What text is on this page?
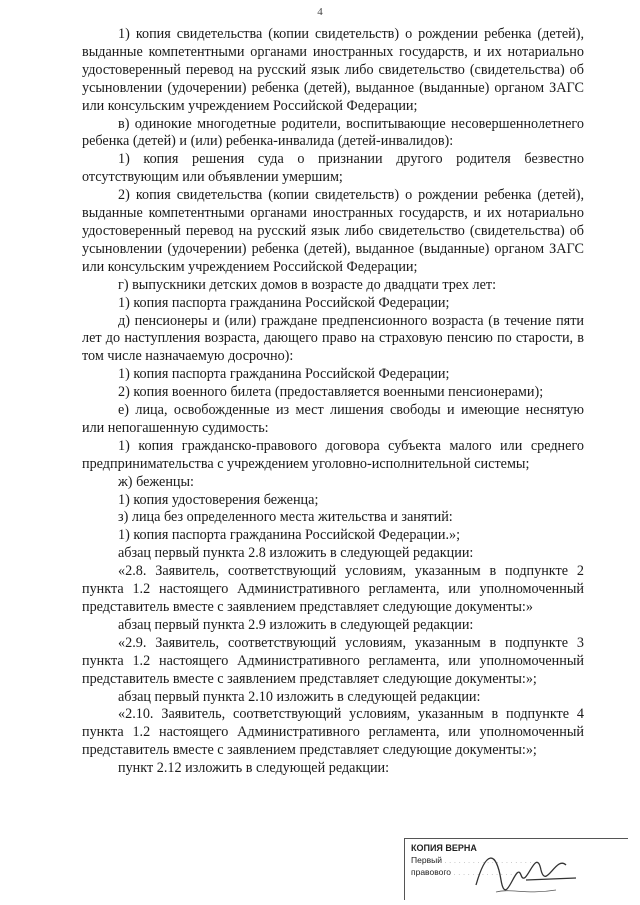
4

1) копия свидетельства (копии свидетельств) о рождении ребенка (детей), выданные компетентными органами иностранных государств, и их нотариально удостоверенный перевод на русский язык либо свидетельство (свидетельства) об усыновлении (удочерении) ребенка (детей), выданное (выданные) органом ЗАГС или консульским учреждением Российской Федерации;

в) одинокие многодетные родители, воспитывающие несовершеннолетнего ребенка (детей) и (или) ребенка-инвалида (детей-инвалидов):

1) копия решения суда о признании другого родителя безвестно отсутствующим или объявлении умершим;

2) копия свидетельства (копии свидетельств) о рождении ребенка (детей), выданные компетентными органами иностранных государств, и их нотариально удостоверенный перевод на русский язык либо свидетельство (свидетельства) об усыновлении (удочерении) ребенка (детей), выданное (выданные) органом ЗАГС или консульским учреждением Российской Федерации;

г) выпускники детских домов в возрасте до двадцати трех лет:

1) копия паспорта гражданина Российской Федерации;

д) пенсионеры и (или) граждане предпенсионного возраста (в течение пяти лет до наступления возраста, дающего право на страховую пенсию по старости, в том числе назначаемую досрочно):

1) копия паспорта гражданина Российской Федерации;

2) копия военного билета (предоставляется военными пенсионерами);

е) лица, освобожденные из мест лишения свободы и имеющие неснятую или непогашенную судимость:

1) копия гражданско-правового договора субъекта малого или среднего предпринимательства с учреждением уголовно-исполнительной системы;

ж) беженцы:

1) копия удостоверения беженца;

з) лица без определенного места жительства и занятий:

1) копия паспорта гражданина Российской Федерации.»;

абзац первый пункта 2.8 изложить в следующей редакции:

«2.8. Заявитель, соответствующий условиям, указанным в подпункте 2 пункта 1.2 настоящего Административного регламента, или уполномоченный представитель вместе с заявлением представляет следующие документы:»

абзац первый пункта 2.9 изложить в следующей редакции:

«2.9. Заявитель, соответствующий условиям, указанным в подпункте 3 пункта 1.2 настоящего Административного регламента, или уполномоченный представитель вместе с заявлением представляет следующие документы:»;

абзац первый пункта 2.10 изложить в следующей редакции:

«2.10. Заявитель, соответствующий условиям, указанным в подпункте 4 пункта 1.2 настоящего Административного регламента, или уполномоченный представитель вместе с заявлением представляет следующие документы:»;

пункт 2.12 изложить в следующей редакции:

КОПИЯ ВЕРНА
Первый . . . . . . . . . . . . . . . . . . .
правового . . . . . . . . . . . . . . .
